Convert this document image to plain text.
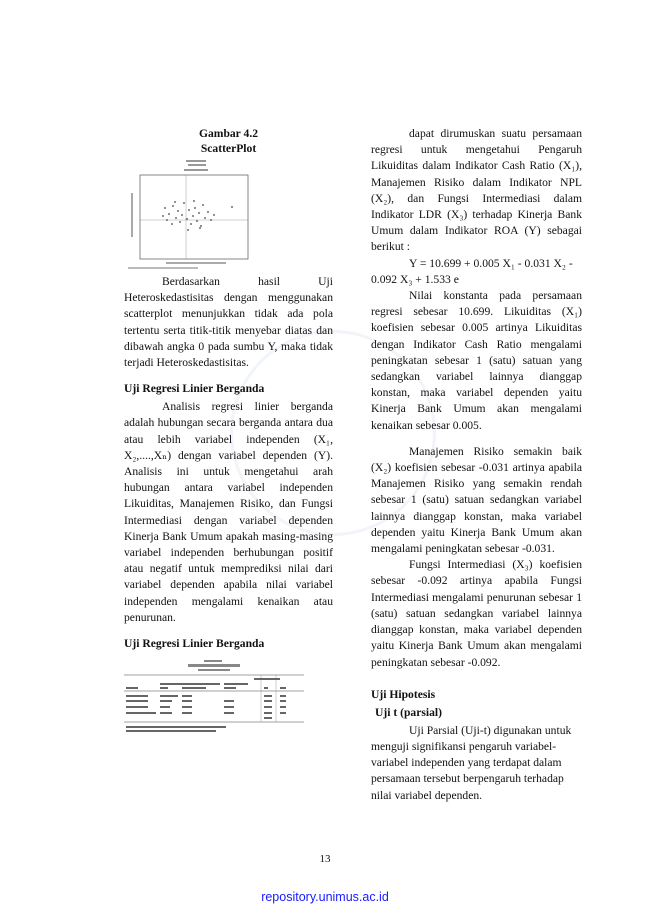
Gambar 4.2
ScatterPlot

Berdasarkan hasil Uji Heteroskedastisitas dengan menggunakan scatterplot menunjukkan tidak ada pola tertentu serta titik-titik menyebar diatas dan dibawah angka 0 pada sumbu Y, maka tidak terjadi Heteroskedastisitas.

Uji Regresi Linier Berganda

Analisis regresi linier berganda adalah hubungan secara berganda antara dua atau lebih variabel independen (X₁, X₂,....,Xₙ) dengan variabel dependen (Y). Analisis ini untuk mengetahui arah hubungan antara variabel independen Likuiditas, Manajemen Risiko, dan Fungsi Intermediasi dengan variabel dependen Kinerja Bank Umum apakah masing-masing variabel independen berhubungan positif atau negatif untuk memprediksi nilai dari variabel dependen apabila nilai variabel independen mengalami kenaikan atau penurunan.

Uji Regresi Linier Berganda

dapat dirumuskan suatu persamaan regresi untuk mengetahui Pengaruh Likuiditas dalam Indikator Cash Ratio (X₁), Manajemen Risiko dalam Indikator NPL (X₂), dan Fungsi Intermediasi dalam Indikator LDR (X₃) terhadap Kinerja Bank Umum dalam Indikator ROA (Y) sebagai berikut :

Y = 10.699 + 0.005 X₁ - 0.031 X₂ - 0.092 X₃ + 1.533 e

Nilai konstanta pada persamaan regresi sebesar 10.699. Likuiditas (X₁) koefisien sebesar 0.005 artinya Likuiditas dengan Indikator Cash Ratio mengalami peningkatan sebesar 1 (satu) satuan yang sedangkan variabel lainnya dianggap konstan, maka variabel dependen yaitu Kinerja Bank Umum akan mengalami kenaikan sebesar 0.005.

Manajemen Risiko semakin baik (X₂) koefisien sebesar -0.031 artinya apabila Manajemen Risiko yang semakin rendah sebesar 1 (satu) satuan sedangkan variabel lainnya dianggap konstan, maka variabel dependen yaitu Kinerja Bank Umum akan mengalami peningkatan sebesar -0.031.

Fungsi Intermediasi (X₃) koefisien sebesar -0.092 artinya apabila Fungsi Intermediasi mengalami penurunan sebesar 1 (satu) satuan sedangkan variabel lainnya dianggap konstan, maka variabel dependen yaitu Kinerja Bank Umum akan mengalami peningkatan sebesar -0.092.

Uji Hipotesis
Uji t (parsial)

Uji Parsial (Uji-t) digunakan untuk menguji signifikansi pengaruh variabel-variabel independen yang terdapat dalam persamaan tersebut berpengaruh terhadap nilai variabel dependen.

13
repository.unimus.ac.id
